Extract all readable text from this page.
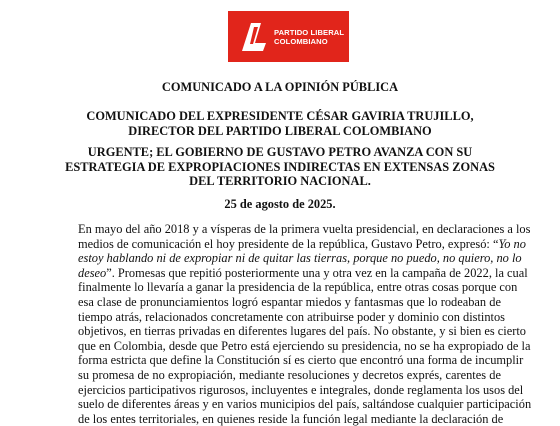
PARTIDO LIBERAL
COLOMBIANO

COMUNICADO A LA OPINIÓN PÚBLICA

COMUNICADO DEL EXPRESIDENTE CÉSAR GAVIRIA TRUJILLO,

DIRECTOR DEL PARTIDO LIBERAL COLOMBIANO

URGENTE; EL GOBIERNO DE GUSTAVO PETRO AVANZA CON SU

ESTRATEGIA DE EXPROPIACIONES INDIRECTAS EN EXTENSAS ZONAS

DEL TERRITORIO NACIONAL.

25 de agosto de 2025.

En mayo del año 2018 y a vísperas de la primera vuelta presidencial, en declaraciones a los
medios de comunicación el hoy presidente de la república, Gustavo Petro, expresó: “Yo no
estoy hablando ni de expropiar ni de quitar las tierras, porque no puedo, no quiero, no lo
deseo”. Promesas que repitió posteriormente una y otra vez en la campaña de 2022, la cual
finalmente lo llevaría a ganar la presidencia de la república, entre otras cosas porque con
esa clase de pronunciamientos logró espantar miedos y fantasmas que lo rodeaban de
tiempo atrás, relacionados concretamente con atribuirse poder y dominio con distintos
objetivos, en tierras privadas en diferentes lugares del país. No obstante, y si bien es cierto
que en Colombia, desde que Petro está ejerciendo su presidencia, no se ha expropiado de la
forma estricta que define la Constitución sí es cierto que encontró una forma de incumplir
su promesa de no expropiación, mediante resoluciones y decretos exprés, carentes de
ejercicios participativos rigurosos, incluyentes e integrales, donde reglamenta los usos del
suelo de diferentes áreas y en varios municipios del país, saltándose cualquier participación
de los entes territoriales, en quienes reside la función legal mediante la declaración de
